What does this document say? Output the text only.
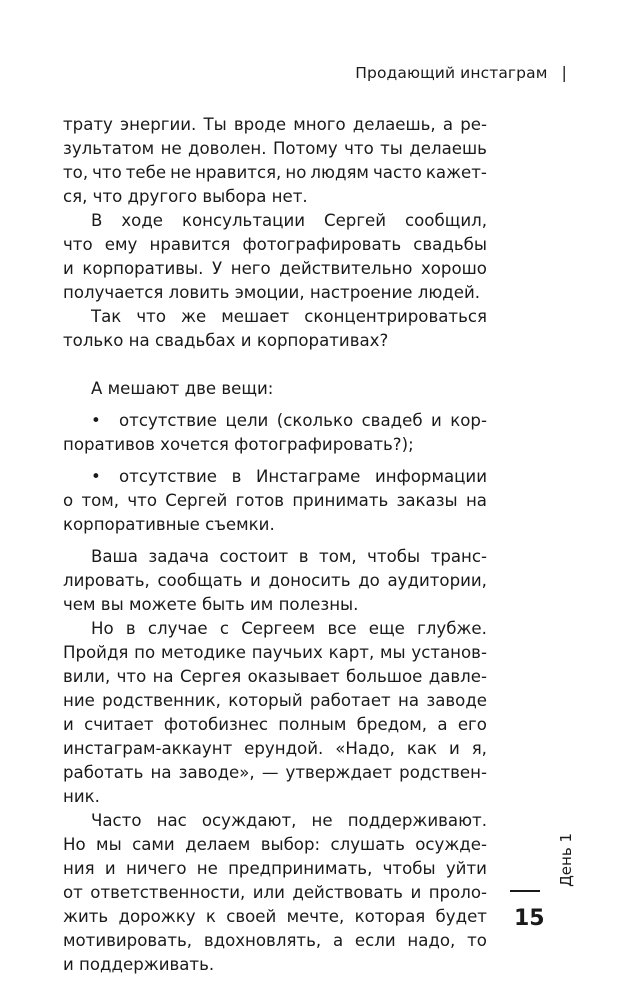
Продающий инстаграм |
трату энергии. Ты вроде много делаешь, а ре-
зультатом не доволен. Потому что ты делаешь
то, что тебе не нравится, но людям часто кажет-
ся, что другого выбора нет.
В ходе консультации Сергей сообщил,
что ему нравится фотографировать свадьбы
и корпоративы. У него действительно хорошо
получается ловить эмоции, настроение людей.
Так что же мешает сконцентрироваться
только на свадьбах и корпоративах?
А мешают две вещи:
•	отсутствие цели (сколько свадеб и кор-
поративов хочется фотографировать?);
•	отсутствие в Инстаграме информации
о том, что Сергей готов принимать заказы на
корпоративные съемки.
Ваша задача состоит в том, чтобы транс-
лировать, сообщать и доносить до аудитории,
чем вы можете быть им полезны.
Но в случае с Сергеем все еще глубже.
Пройдя по методике паучьих карт, мы установ-
вили, что на Сергея оказывает большое давле-
ние родственник, который работает на заводе
и считает фотобизнес полным бредом, а его
инстаграм-аккаунт ерундой. «Надо, как и я,
работать на заводе», — утверждает родствен-
ник.
Часто нас осуждают, не поддерживают.
Но мы сами делаем выбор: слушать осужде-
ния и ничего не предпринимать, чтобы уйти
от ответственности, или действовать и проло-
жить дорожку к своей мечте, которая будет
мотивировать, вдохновлять, а если надо, то
и поддерживать.
День 1
15
